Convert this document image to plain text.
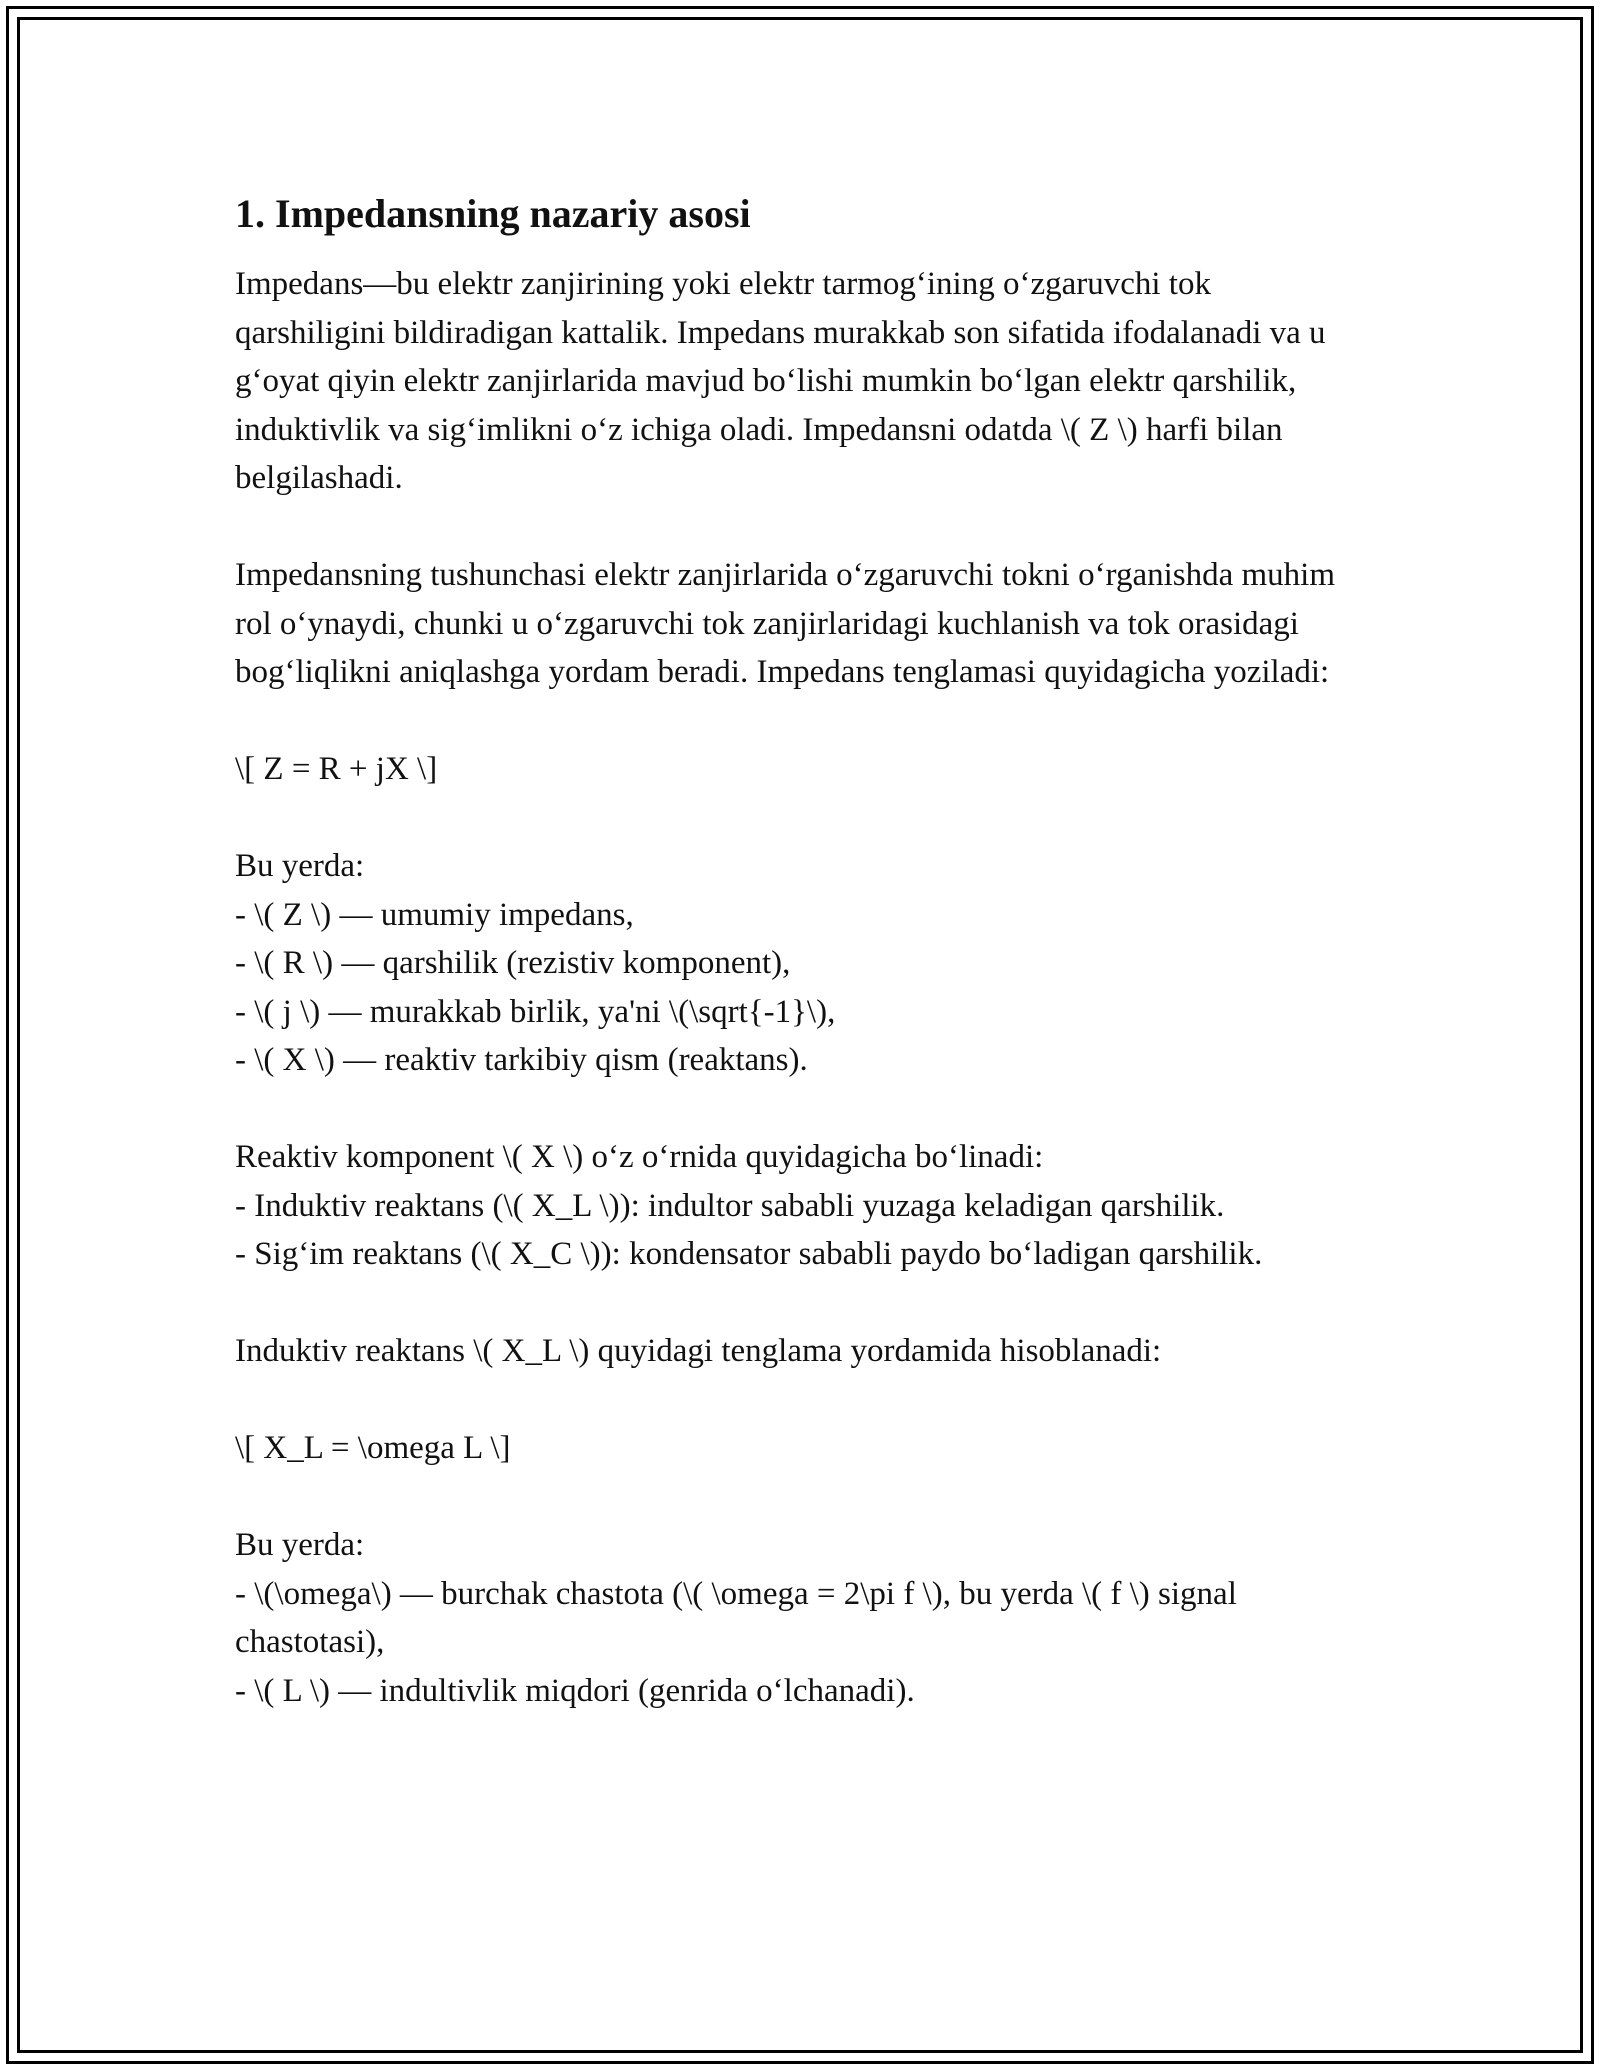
1. Impedansning nazariy asosi
Impedans—bu elektr zanjirining yoki elektr tarmog‘ining o‘zgaruvchi tok qarshiligini bildiradigan kattalik. Impedans murakkab son sifatida ifodalanadi va u g‘oyat qiyin elektr zanjirlarida mavjud bo‘lishi mumkin bo‘lgan elektr qarshilik, induktivlik va sig‘imlikni o‘z ichiga oladi. Impedansni odatda \( Z \) harfi bilan belgilashadi.
Impedansning tushunchasi elektr zanjirlarida o‘zgaruvchi tokni o‘rganishda muhim rol o‘ynaydi, chunki u o‘zgaruvchi tok zanjirlaridagi kuchlanish va tok orasidagi bog‘liqlikni aniqlashga yordam beradi. Impedans tenglamasi quyidagicha yoziladi:
\[ Z = R + jX \]
Bu yerda:
- \( Z \) — umumiy impedans,
- \( R \) — qarshilik (rezistiv komponent),
- \( j \) — murakkab birlik, ya'ni \(\sqrt{-1}\),
- \( X \) — reaktiv tarkibiy qism (reaktans).
Reaktiv komponent \( X \) o‘z o‘rnida quyidagicha bo‘linadi:
- Induktiv reaktans (\( X_L \)): indultor sababli yuzaga keladigan qarshilik.
- Sig‘im reaktans (\( X_C \)): kondensator sababli paydo bo‘ladigan qarshilik.
Induktiv reaktans \( X_L \) quyidagi tenglama yordamida hisoblanadi:
\[ X_L = \omega L \]
Bu yerda:
- \(\omega\) — burchak chastota (\( \omega = 2\pi f \), bu yerda \( f \) signal chastotasi),
- \( L \) — indultivlik miqdori (genrida o‘lchanadi).
